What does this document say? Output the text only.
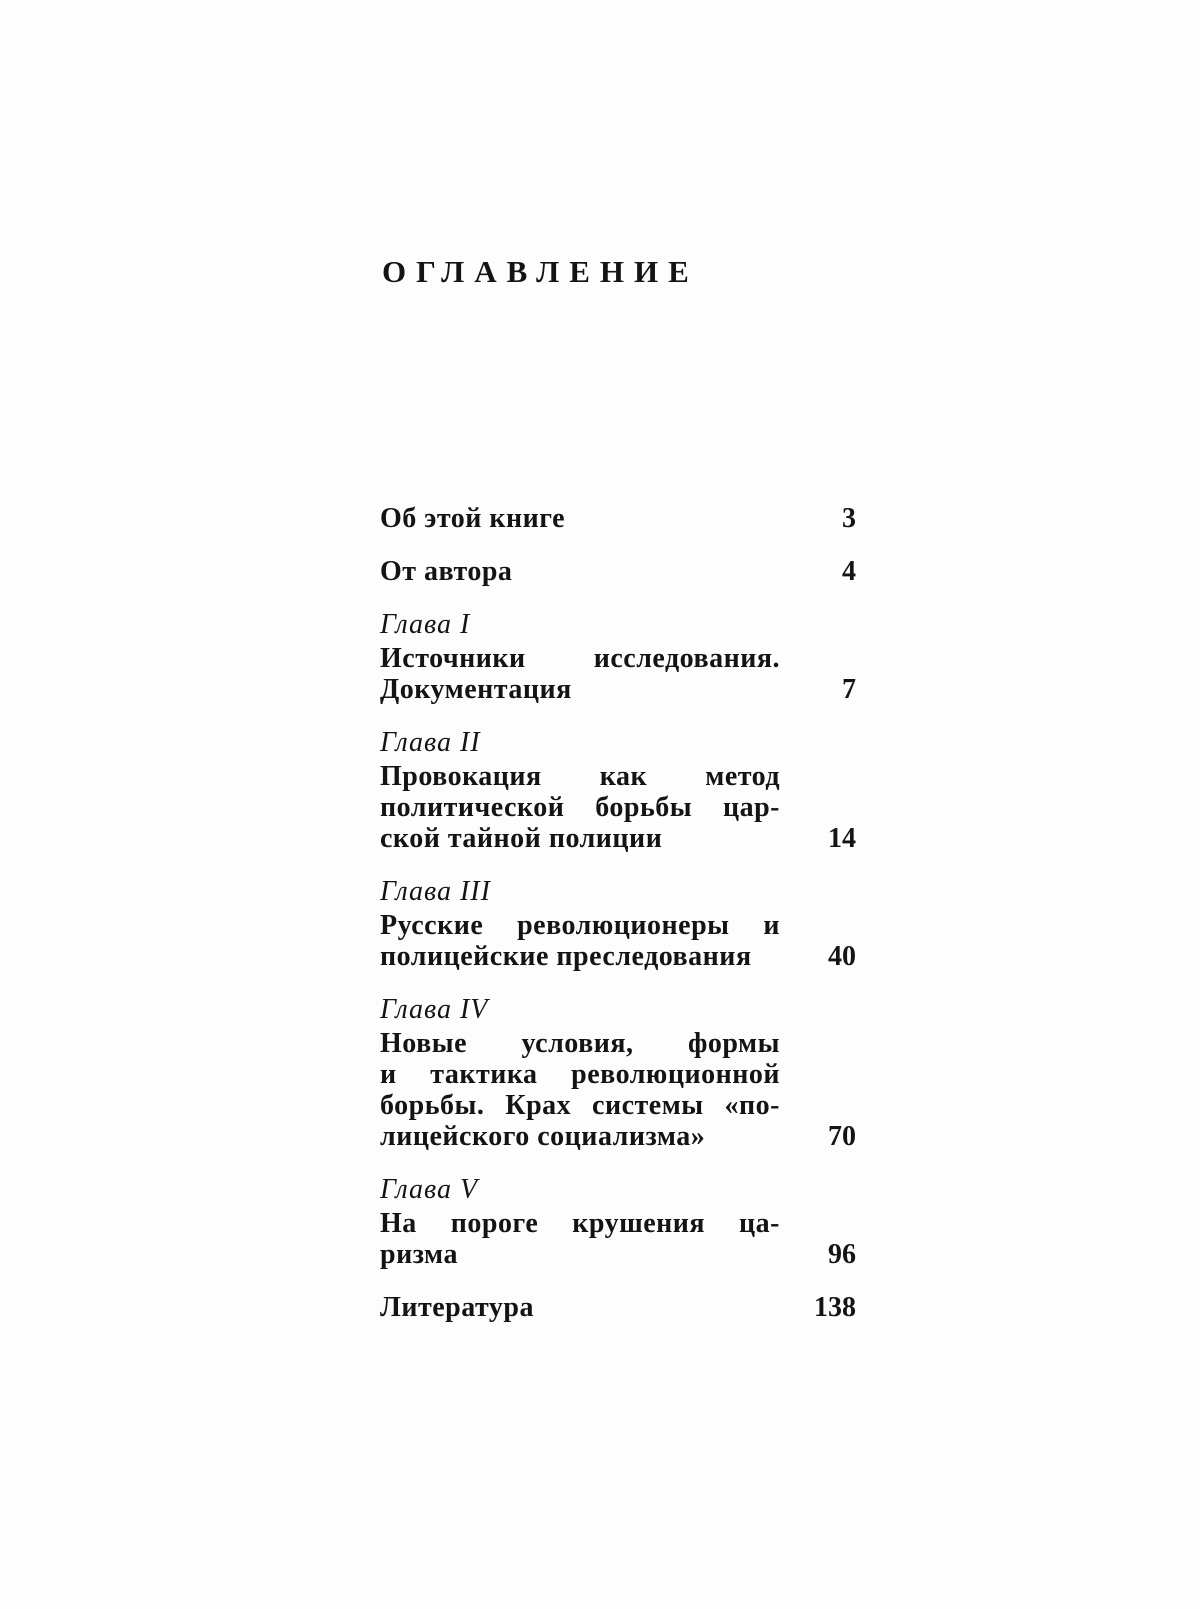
ОГЛАВЛЕНИЕ
Об этой книге	3
От автора	4
Глава I
Источники исследования.
Документация	7
Глава II
Провокация как метод
политической борьбы цар-
ской тайной полиции	14
Глава III
Русские революционеры и
полицейские преследования	40
Глава IV
Новые условия, формы
и тактика революционной
борьбы. Крах системы «по-
лицейского социализма»	70
Глава V
На пороге крушения ца-
ризма	96
Литература	138
